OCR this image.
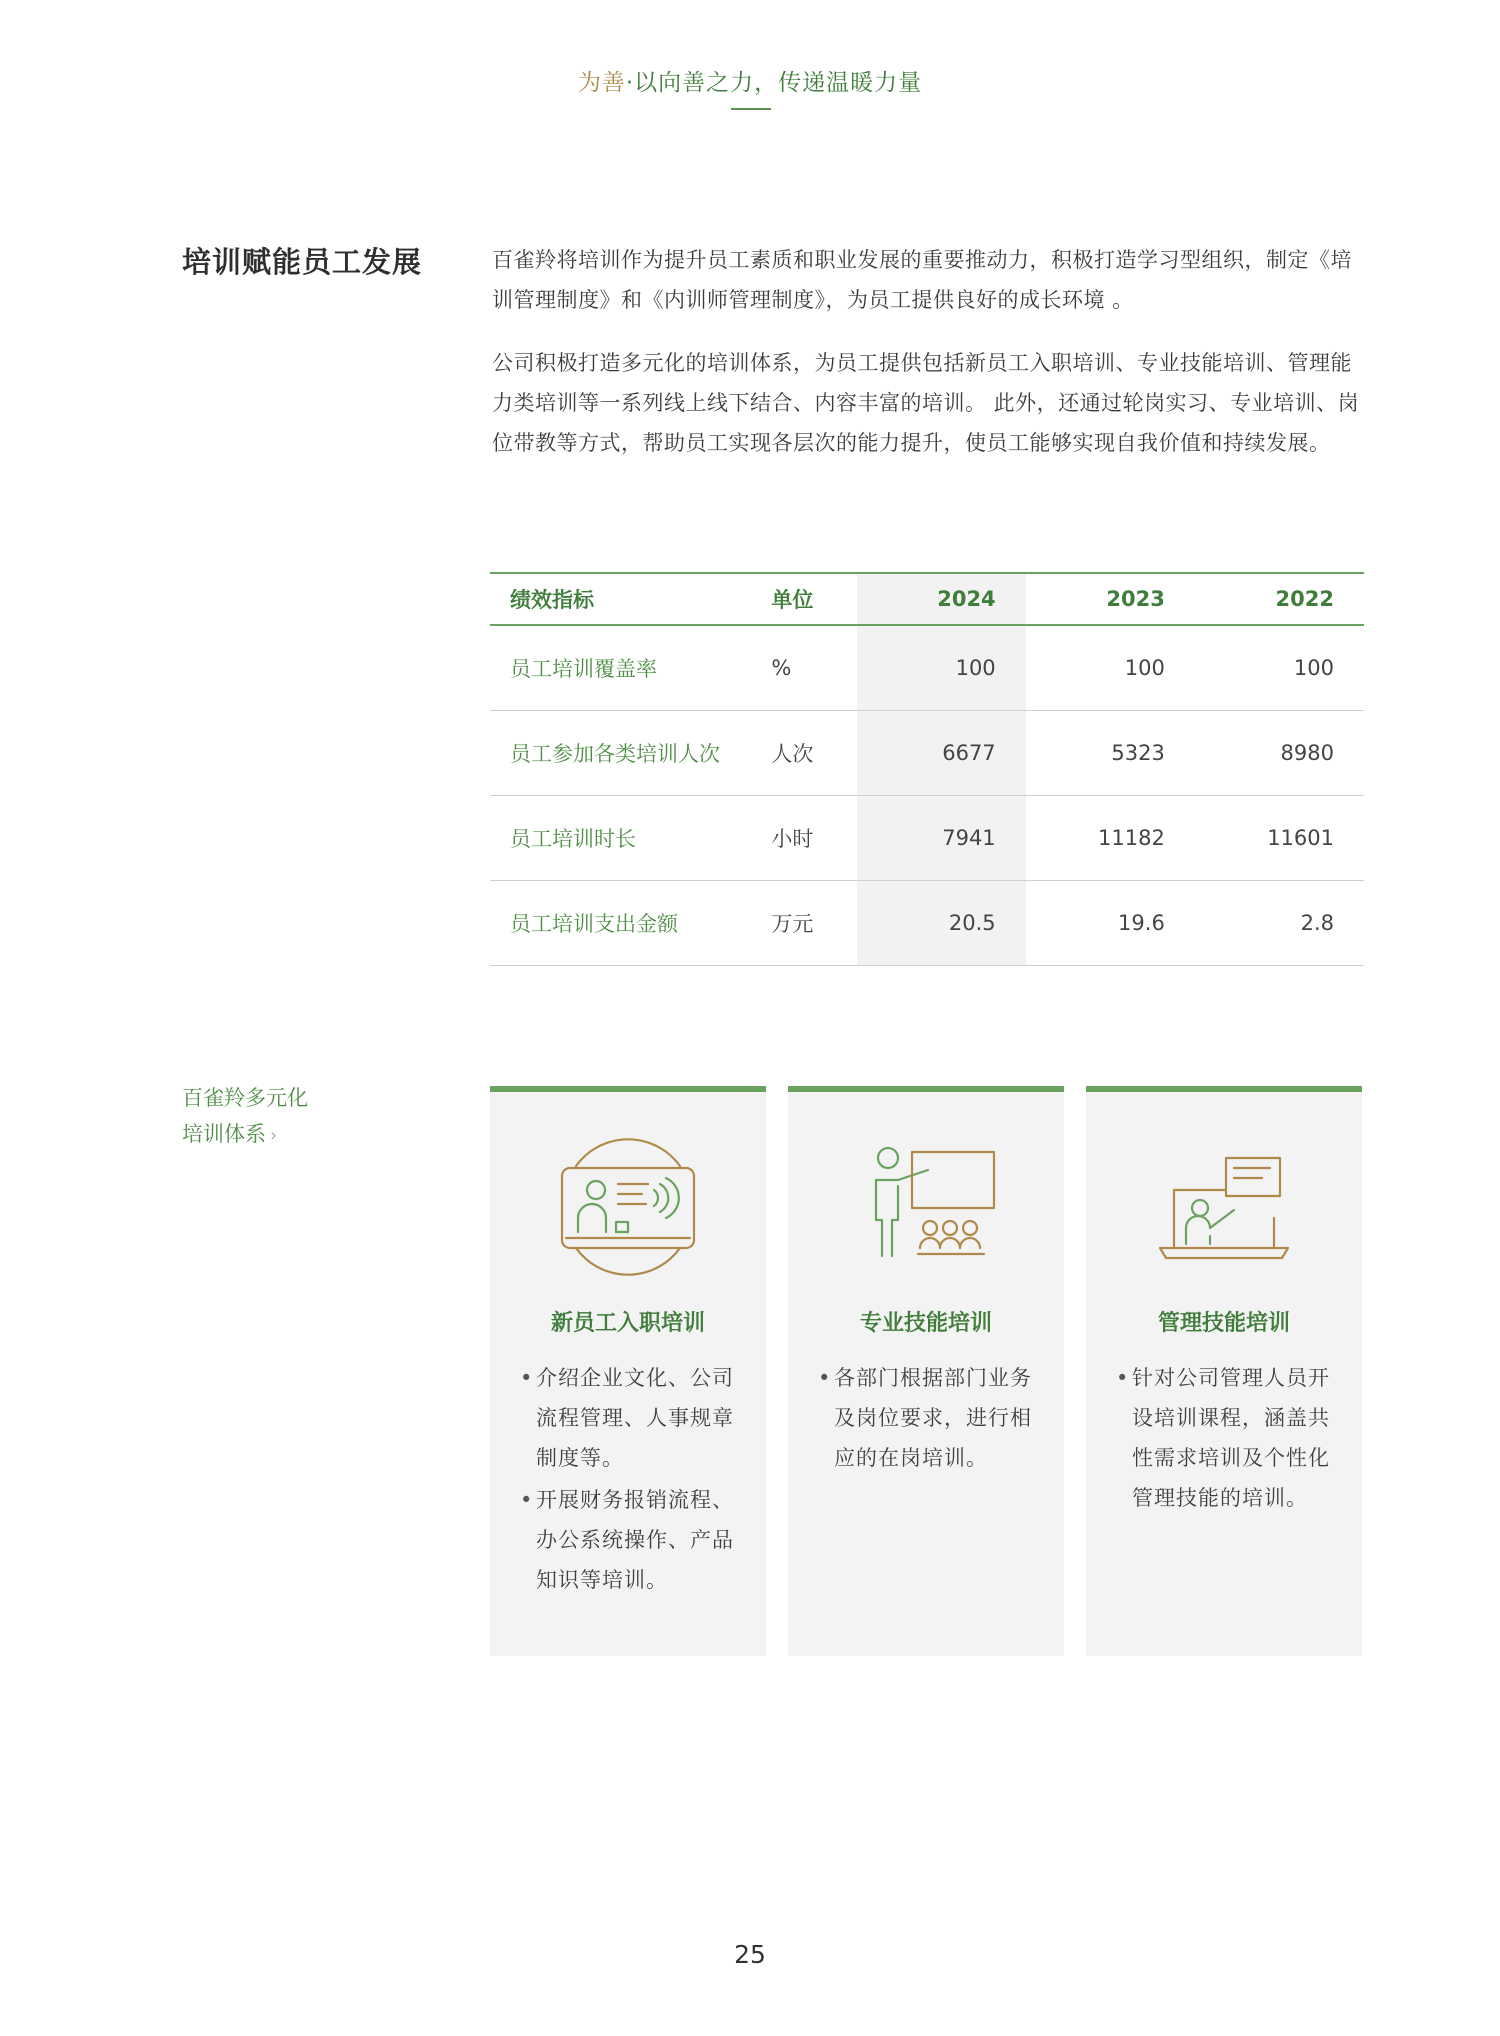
为善·以向善之力，传递温暖力量
培训赋能员工发展	百雀羚将培训作为提升员工素质和职业发展的重要推动力，积极打造学习型组织，制定《培训管理制度》和《内训师管理制度》，为员工提供良好的成长环境 。

公司积极打造多元化的培训体系，为员工提供包括新员工入职培训、专业技能培训、管理能力类培训等一系列线上线下结合、内容丰富的培训。 此外，还通过轮岗实习、专业培训、岗位带教等方式，帮助员工实现各层次的能力提升，使员工能够实现自我价值和持续发展。

绩效指标	单位	2024	2023	2022
员工培训覆盖率	%	100	100	100
员工参加各类培训人次	人次	6677	5323	8980
员工培训时长	小时	7941	11182	11601
员工培训支出金额	万元	20.5	19.6	2.8
百雀羚多元化
培训体系 ›
新员工入职培训
• 介绍企业文化、公司流程管理、人事规章制度等。
• 开展财务报销流程、办公系统操作、产品知识等培训。
专业技能培训
• 各部门根据部门业务及岗位要求，进行相应的在岗培训。
管理技能培训
• 针对公司管理人员开设培训课程，涵盖共性需求培训及个性化管理技能的培训。
25
